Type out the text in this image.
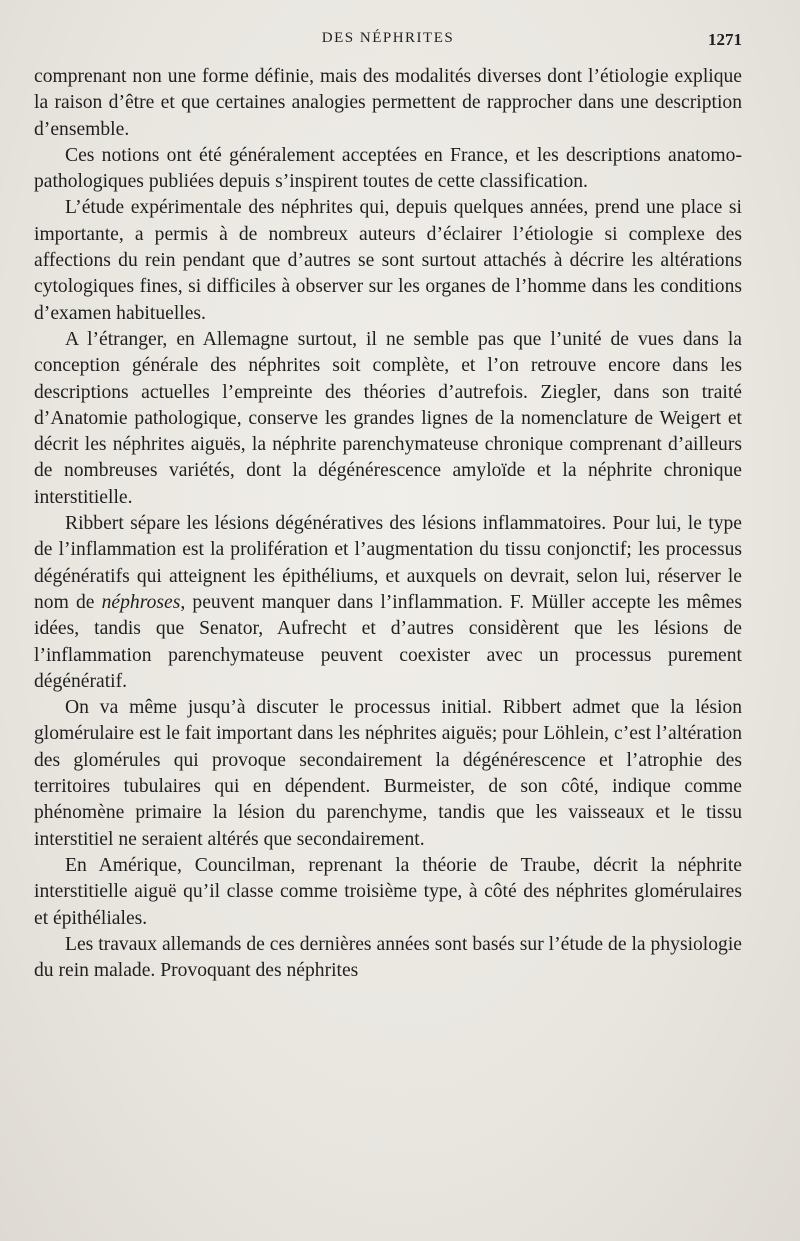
DES NÉPHRITES	1271

comprenant non une forme définie, mais des modalités diverses dont l’étiologie explique la raison d’être et que certaines analogies permettent de rapprocher dans une description d’ensemble.

Ces notions ont été généralement acceptées en France, et les descriptions anatomo-pathologiques publiées depuis s’inspirent toutes de cette classification.

L’étude expérimentale des néphrites qui, depuis quelques années, prend une place si importante, a permis à de nombreux auteurs d’éclairer l’étiologie si complexe des affections du rein pendant que d’autres se sont surtout attachés à décrire les altérations cytologiques fines, si difficiles à observer sur les organes de l’homme dans les conditions d’examen habituelles.

A l’étranger, en Allemagne surtout, il ne semble pas que l’unité de vues dans la conception générale des néphrites soit complète, et l’on retrouve encore dans les descriptions actuelles l’empreinte des théories d’autrefois. Ziegler, dans son traité d’Anatomie pathologique, conserve les grandes lignes de la nomenclature de Weigert et décrit les néphrites aiguës, la néphrite parenchymateuse chronique comprenant d’ailleurs de nombreuses variétés, dont la dégénérescence amyloïde et la néphrite chronique interstitielle.

Ribbert sépare les lésions dégénératives des lésions inflammatoires. Pour lui, le type de l’inflammation est la prolifération et l’augmentation du tissu conjonctif; les processus dégénératifs qui atteignent les épithéliums, et auxquels on devrait, selon lui, réserver le nom de néphroses, peuvent manquer dans l’inflammation. F. Müller accepte les mêmes idées, tandis que Senator, Aufrecht et d’autres considèrent que les lésions de l’inflammation parenchymateuse peuvent coexister avec un processus purement dégénératif.

On va même jusqu’à discuter le processus initial. Ribbert admet que la lésion glomérulaire est le fait important dans les néphrites aiguës; pour Löhlein, c’est l’altération des glomérules qui provoque secondairement la dégénérescence et l’atrophie des territoires tubulaires qui en dépendent. Burmeister, de son côté, indique comme phénomène primaire la lésion du parenchyme, tandis que les vaisseaux et le tissu interstitiel ne seraient altérés que secondairement.

En Amérique, Councilman, reprenant la théorie de Traube, décrit la néphrite interstitielle aiguë qu’il classe comme troisième type, à côté des néphrites glomérulaires et épithéliales.

Les travaux allemands de ces dernières années sont basés sur l’étude de la physiologie du rein malade. Provoquant des néphrites
